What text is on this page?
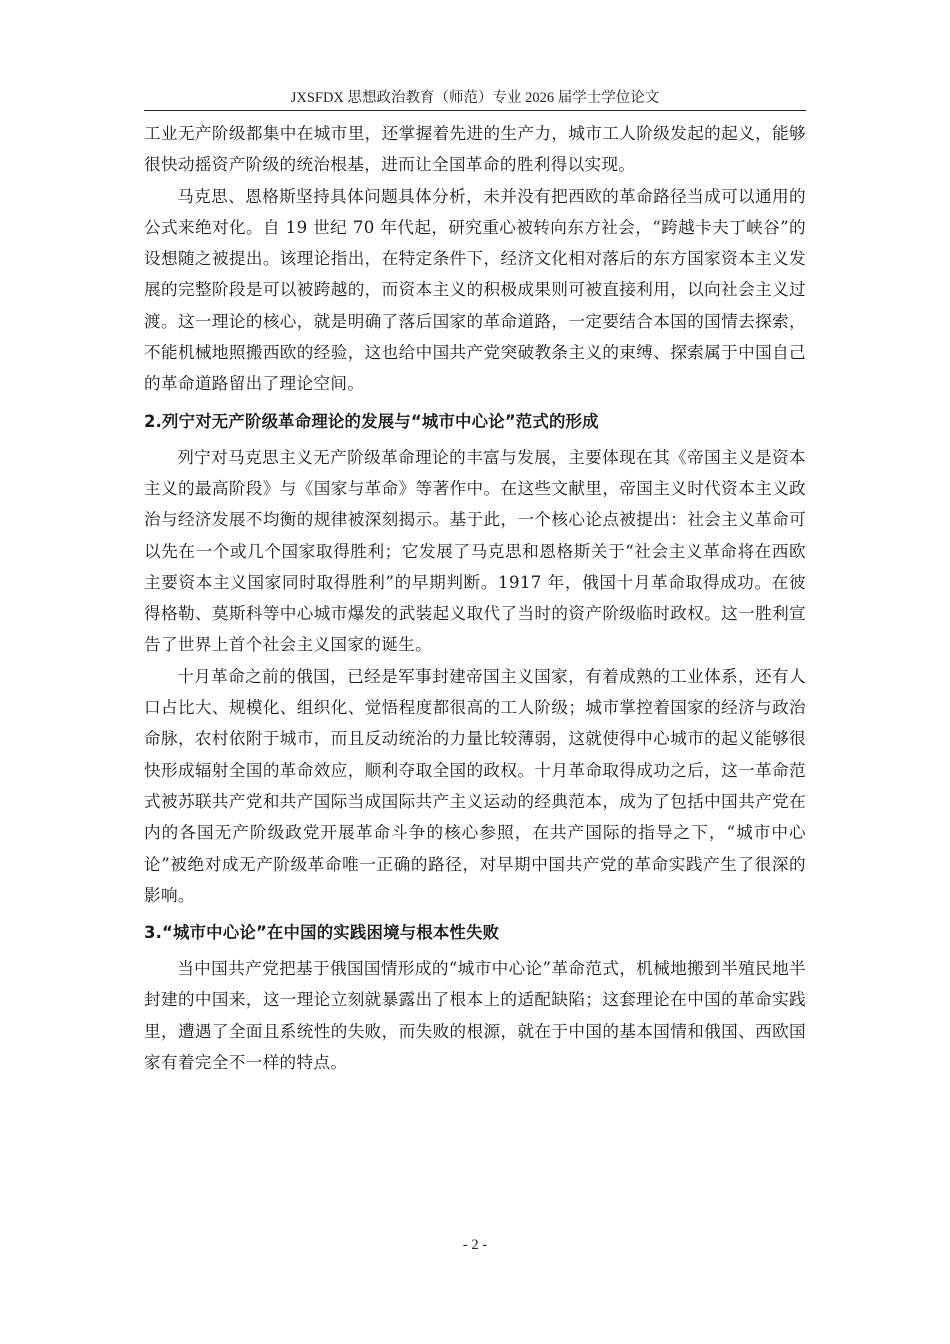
JXSFDX 思想政治教育（师范）专业 2026 届学士学位论文

工业无产阶级都集中在城市里，还掌握着先进的生产力，城市工人阶级发起的起义，能够很快动摇资产阶级的统治根基，进而让全国革命的胜利得以实现。

马克思、恩格斯坚持具体问题具体分析，未并没有把西欧的革命路径当成可以通用的公式来绝对化。自 19 世纪 70 年代起，研究重心被转向东方社会，“跨越卡夫丁峡谷”的设想随之被提出。该理论指出，在特定条件下，经济文化相对落后的东方国家资本主义发展的完整阶段是可以被跨越的，而资本主义的积极成果则可被直接利用，以向社会主义过渡。这一理论的核心，就是明确了落后国家的革命道路，一定要结合本国的国情去探索，不能机械地照搬西欧的经验，这也给中国共产党突破教条主义的束缚、探索属于中国自己的革命道路留出了理论空间。

2.列宁对无产阶级革命理论的发展与“城市中心论”范式的形成

列宁对马克思主义无产阶级革命理论的丰富与发展，主要体现在其《帝国主义是资本主义的最高阶段》与《国家与革命》等著作中。在这些文献里，帝国主义时代资本主义政治与经济发展不均衡的规律被深刻揭示。基于此，一个核心论点被提出：社会主义革命可以先在一个或几个国家取得胜利；它发展了马克思和恩格斯关于“社会主义革命将在西欧主要资本主义国家同时取得胜利”的早期判断。1917 年，俄国十月革命取得成功。在彼得格勒、莫斯科等中心城市爆发的武装起义取代了当时的资产阶级临时政权。这一胜利宣告了世界上首个社会主义国家的诞生。

十月革命之前的俄国，已经是军事封建帝国主义国家，有着成熟的工业体系，还有人口占比大、规模化、组织化、觉悟程度都很高的工人阶级；城市掌控着国家的经济与政治命脉，农村依附于城市，而且反动统治的力量比较薄弱，这就使得中心城市的起义能够很快形成辐射全国的革命效应，顺利夺取全国的政权。十月革命取得成功之后，这一革命范式被苏联共产党和共产国际当成国际共产主义运动的经典范本，成为了包括中国共产党在内的各国无产阶级政党开展革命斗争的核心参照，在共产国际的指导之下，“城市中心论”被绝对成无产阶级革命唯一正确的路径，对早期中国共产党的革命实践产生了很深的影响。

3.“城市中心论”在中国的实践困境与根本性失败

当中国共产党把基于俄国国情形成的“城市中心论”革命范式，机械地搬到半殖民地半封建的中国来，这一理论立刻就暴露出了根本上的适配缺陷；这套理论在中国的革命实践里，遭遇了全面且系统性的失败，而失败的根源，就在于中国的基本国情和俄国、西欧国家有着完全不一样的特点。

- 2 -
